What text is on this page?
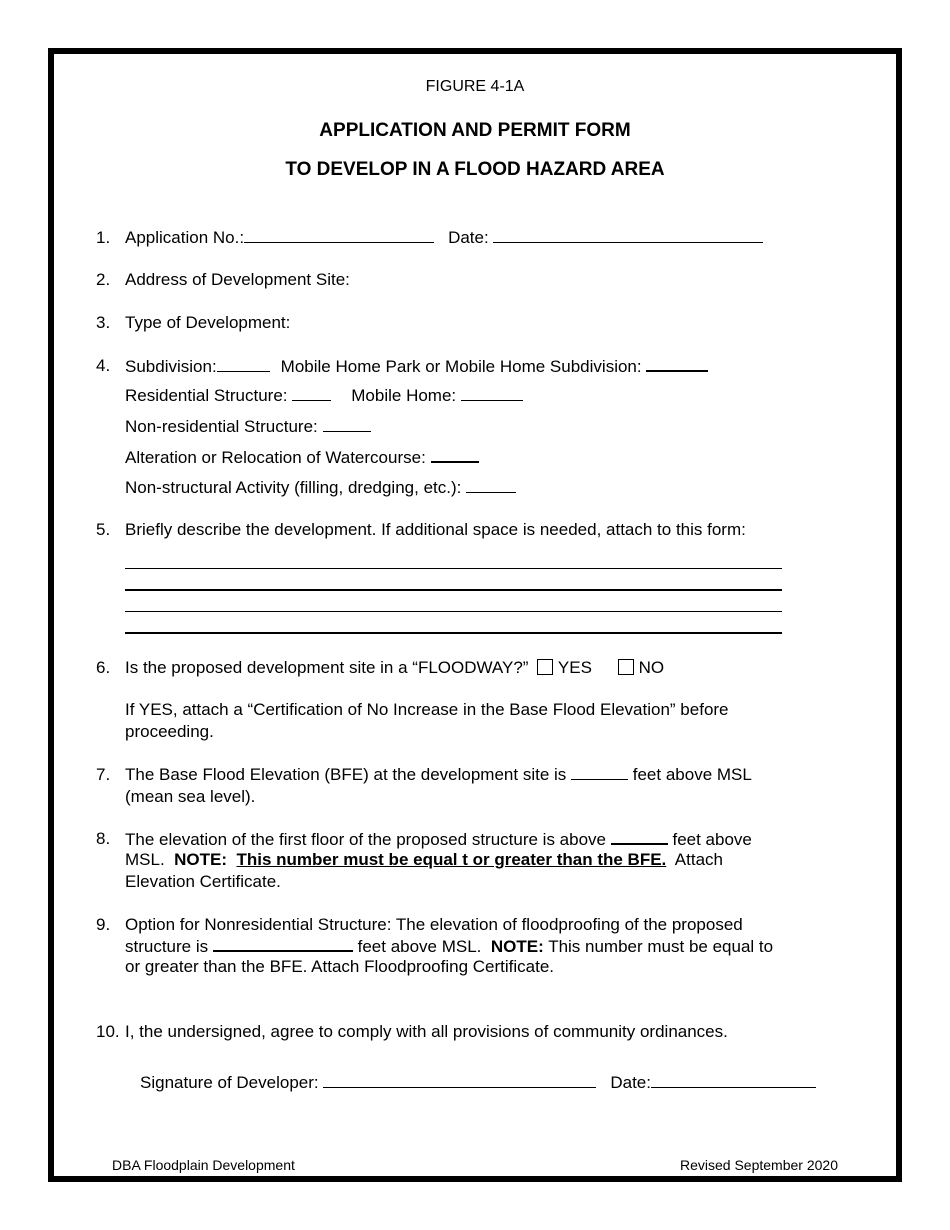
FIGURE 4-1A
APPLICATION AND PERMIT FORM
TO DEVELOP IN A FLOOD HAZARD AREA
1. Application No.:	Date:
2. Address of Development Site:
3. Type of Development:
4. Subdivision:	Mobile Home Park or Mobile Home Subdivision:
Residential Structure:	Mobile Home:
Non-residential Structure:
Alteration or Relocation of Watercourse:
Non-structural Activity (filling, dredging, etc.):
5. Briefly describe the development. If additional space is needed, attach to this form:
6. Is the proposed development site in a “FLOODWAY?” YES	NO
If YES, attach a “Certification of No Increase in the Base Flood Elevation” before
proceeding.
7. The Base Flood Elevation (BFE) at the development site is	feet above MSL
(mean sea level).
8. The elevation of the first floor of the proposed structure is above	feet above
MSL. NOTE: This number must be equal t or greater than the BFE. Attach
Elevation Certificate.
9. Option for Nonresidential Structure: The elevation of floodproofing of the proposed
structure is	feet above MSL. NOTE: This number must be equal to
or greater than the BFE. Attach Floodproofing Certificate.
10. I, the undersigned, agree to comply with all provisions of community ordinances.
Signature of Developer:	Date:
DBA Floodplain Development	Revised September 2020
